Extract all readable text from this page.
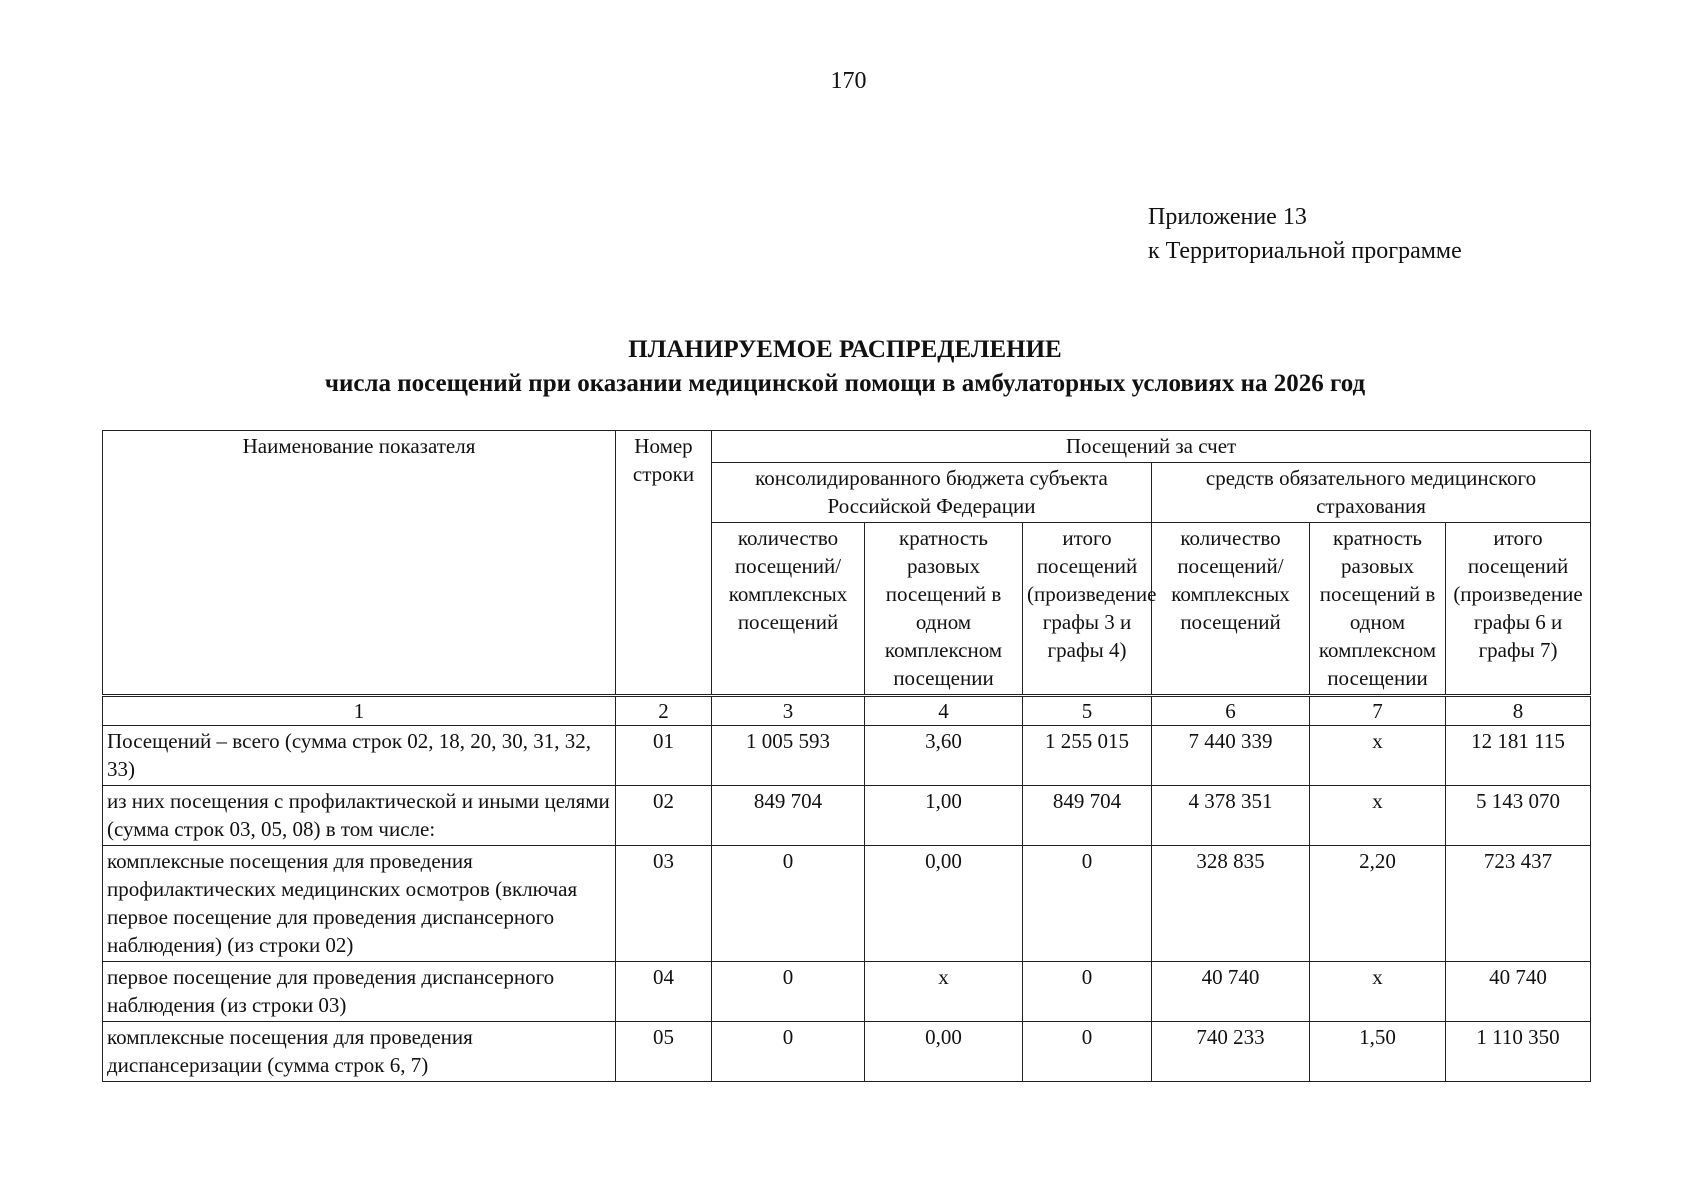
170
Приложение 13
к Территориальной программе
ПЛАНИРУЕМОЕ РАСПРЕДЕЛЕНИЕ
числа посещений при оказании медицинской помощи в амбулаторных условиях на 2026 год
Наименование показателя	Номер строки	Посещений за счет					
		консолидированного бюджета субъекта Российской Федерации			средств обязательного медицинского страхования		
		количество посещений/ комплексных посещений	кратность разовых посещений в одном комплексном посещении	итого посещений (произведение графы 3 и графы 4)	количество посещений/ комплексных посещений	кратность разовых посещений в одном комплексном посещении	итого посещений (произведение графы 6 и графы 7)
1	2	3	4	5	6	7	8
Посещений – всего (сумма строк 02, 18, 20, 30, 31, 32, 33)	01	1 005 593	3,60	1 255 015	7 440 339	х	12 181 115
из них посещения с профилактической и иными целями (сумма строк 03, 05, 08) в том числе:	02	849 704	1,00	849 704	4 378 351	х	5 143 070
комплексные посещения для проведения профилактических медицинских осмотров (включая первое посещение для проведения диспансерного наблюдения) (из строки 02)	03	0	0,00	0	328 835	2,20	723 437
первое посещение для проведения диспансерного наблюдения (из строки 03)	04	0	х	0	40 740	х	40 740
комплексные посещения для проведения диспансеризации (сумма строк 6, 7)	05	0	0,00	0	740 233	1,50	1 110 350
